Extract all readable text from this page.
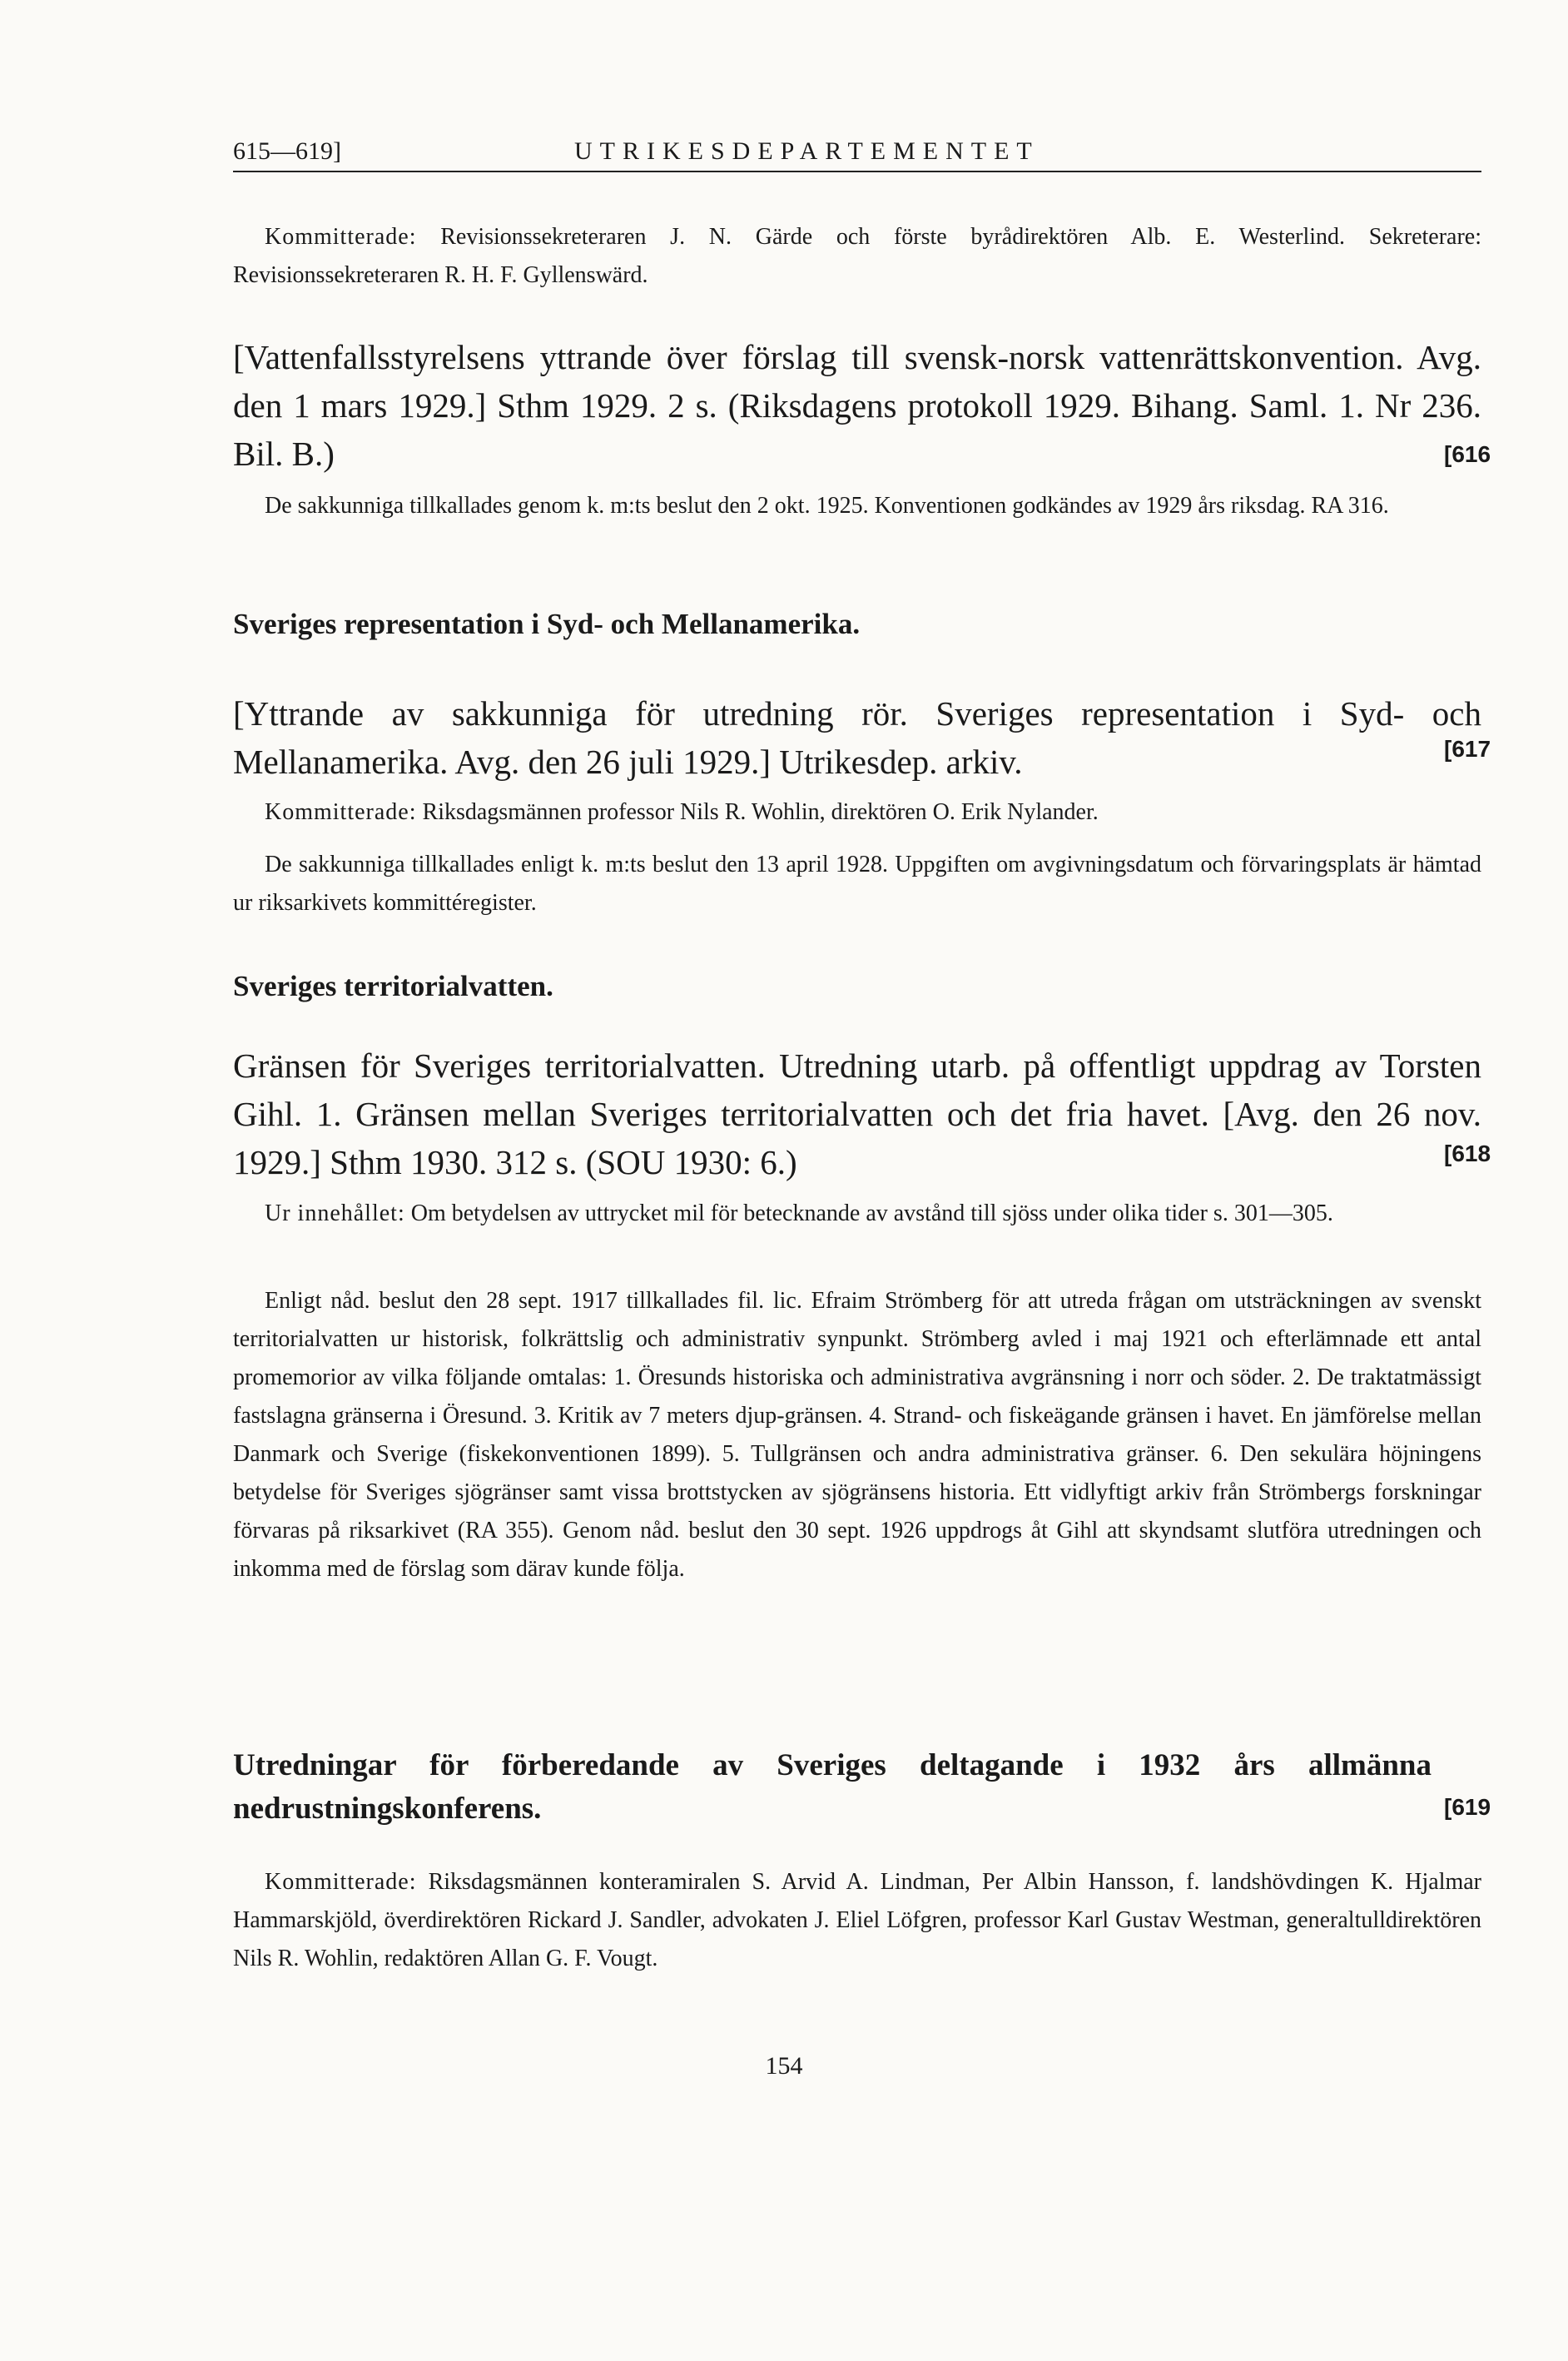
615—619]	UTRIKESDEPARTEMENTET
Kommitterade: Revisionssekreteraren J. N. Gärde och förste byrådirektören Alb. E. Westerlind. Sekreterare: Revisionssekreteraren R. H. F. Gyllenswärd.
[Vattenfallsstyrelsens yttrande över förslag till svensk-norsk vattenrättskonvention. Avg. den 1 mars 1929.] Sthm 1929. 2 s. (Riksdagens protokoll 1929. Bihang. Saml. 1. Nr 236. Bil. B.)	[616
De sakkunniga tillkallades genom k. m:ts beslut den 2 okt. 1925. Konventionen godkändes av 1929 års riksdag. RA 316.
Sveriges representation i Syd- och Mellanamerika.
[Yttrande av sakkunniga för utredning rör. Sveriges representation i Syd- och Mellanamerika. Avg. den 26 juli 1929.] Utrikesdep. arkiv.	[617
Kommitterade: Riksdagsmännen professor Nils R. Wohlin, direktören O. Erik Nylander.
De sakkunniga tillkallades enligt k. m:ts beslut den 13 april 1928. Uppgiften om avgivningsdatum och förvaringsplats är hämtad ur riksarkivets kommittéregister.
Sveriges territorialvatten.
Gränsen för Sveriges territorialvatten. Utredning utarb. på offentligt uppdrag av Torsten Gihl. 1. Gränsen mellan Sveriges territorialvatten och det fria havet. [Avg. den 26 nov. 1929.] Sthm 1930. 312 s. (SOU 1930: 6.)	[618
Ur innehållet: Om betydelsen av uttrycket mil för betecknande av avstånd till sjöss under olika tider s. 301—305.
Enligt nåd. beslut den 28 sept. 1917 tillkallades fil. lic. Efraim Strömberg för att utreda frågan om utsträckningen av svenskt territorialvatten ur historisk, folkrättslig och administrativ synpunkt. Strömberg avled i maj 1921 och efterlämnade ett antal promemorior av vilka följande omtalas: 1. Öresunds historiska och administrativa avgränsning i norr och söder. 2. De traktatmässigt fastslagna gränserna i Öresund. 3. Kritik av 7 meters djup-gränsen. 4. Strand- och fiskeägande gränsen i havet. En jämförelse mellan Danmark och Sverige (fiskekonventionen 1899). 5. Tullgränsen och andra administrativa gränser. 6. Den sekulära höjningens betydelse för Sveriges sjögränser samt vissa brottstycken av sjögränsens historia. Ett vidlyftigt arkiv från Strömbergs forskningar förvaras på riksarkivet (RA 355). Genom nåd. beslut den 30 sept. 1926 uppdrogs åt Gihl att skyndsamt slutföra utredningen och inkomma med de förslag som därav kunde följa.
Utredningar för förberedande av Sveriges deltagande i 1932 års allmänna nedrustningskonferens.	[619
Kommitterade: Riksdagsmännen konteramiralen S. Arvid A. Lindman, Per Albin Hansson, f. landshövdingen K. Hjalmar Hammarskjöld, överdirektören Rickard J. Sandler, advokaten J. Eliel Löfgren, professor Karl Gustav Westman, generaltulldirektören Nils R. Wohlin, redaktören Allan G. F. Vougt.
154
